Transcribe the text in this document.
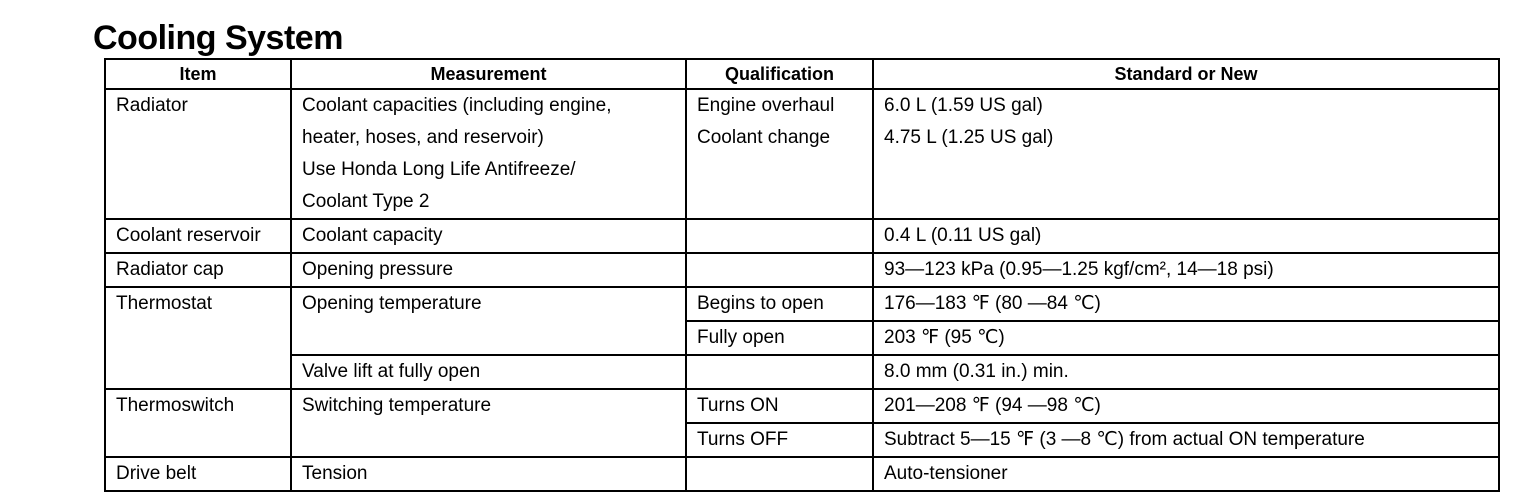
Cooling System
Item	Measurement	Qualification	Standard or New
Radiator	Coolant capacities (including engine,
heater, hoses, and reservoir)
Use Honda Long Life Antifreeze/
Coolant Type 2	Engine overhaul	6.0 L (1.59 US gal)
		Coolant change	4.75 L (1.25 US gal)
Coolant reservoir	Coolant capacity		0.4 L (0.11 US gal)
Radiator cap	Opening pressure		93—123 kPa (0.95—1.25 kgf/cm², 14—18 psi)
Thermostat	Opening temperature	Begins to open	176—183 ℉ (80 —84 ℃)
		Fully open	203 ℉ (95 ℃)
	Valve lift at fully open		8.0 mm (0.31 in.) min.
Thermoswitch	Switching temperature	Turns ON	201—208 ℉ (94 —98 ℃)
		Turns OFF	Subtract 5—15 ℉ (3 —8 ℃) from actual ON temperature
Drive belt	Tension		Auto-tensioner
